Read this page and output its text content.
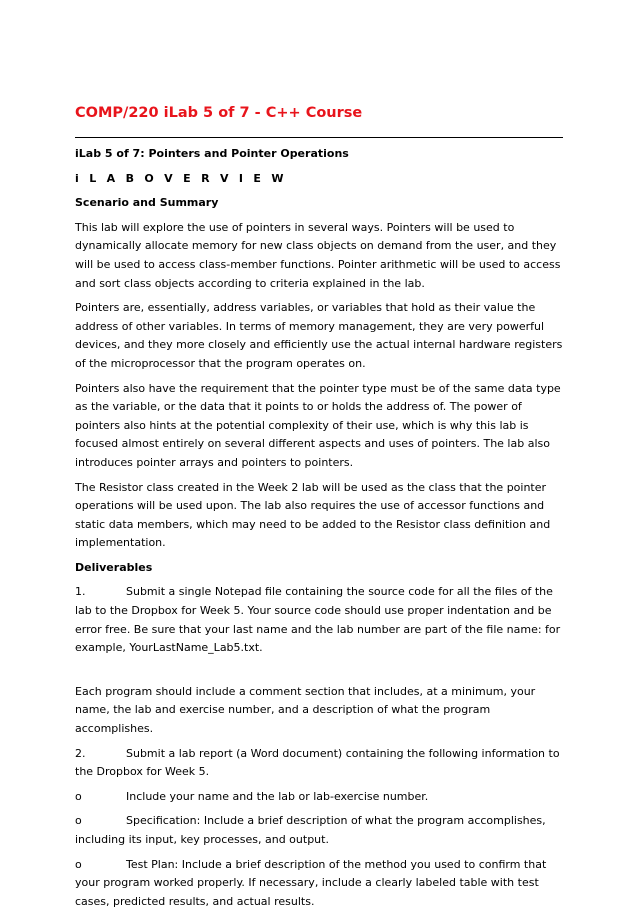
COMP/220 iLab 5 of 7 - C++ Course
iLab 5 of 7: Pointers and Pointer Operations
i L A B O V E R V I E W
Scenario and Summary

This lab will explore the use of pointers in several ways. Pointers will be used to dynamically allocate memory for new class objects on demand from the user, and they will be used to access class-member functions. Pointer arithmetic will be used to access and sort class objects according to criteria explained in the lab.

Pointers are, essentially, address variables, or variables that hold as their value the address of other variables. In terms of memory management, they are very powerful devices, and they more closely and efficiently use the actual internal hardware registers of the microprocessor that the program operates on.

Pointers also have the requirement that the pointer type must be of the same data type as the variable, or the data that it points to or holds the address of. The power of pointers also hints at the potential complexity of their use, which is why this lab is focused almost entirely on several different aspects and uses of pointers. The lab also introduces pointer arrays and pointers to pointers.

The Resistor class created in the Week 2 lab will be used as the class that the pointer operations will be used upon. The lab also requires the use of accessor functions and static data members, which may need to be added to the Resistor class definition and implementation.

Deliverables

1.	Submit a single Notepad file containing the source code for all the files of the lab to the Dropbox for Week 5. Your source code should use proper indentation and be error free. Be sure that your last name and the lab number are part of the file name: for example, YourLastName_Lab5.txt.

Each program should include a comment section that includes, at a minimum, your name, the lab and exercise number, and a description of what the program accomplishes.

2.	Submit a lab report (a Word document) containing the following information to the Dropbox for Week 5.

o	Include your name and the lab or lab-exercise number.

o	Specification: Include a brief description of what the program accomplishes, including its input, key processes, and output.

o	Test Plan: Include a brief description of the method you used to confirm that your program worked properly. If necessary, include a clearly labeled table with test cases, predicted results, and actual results.
